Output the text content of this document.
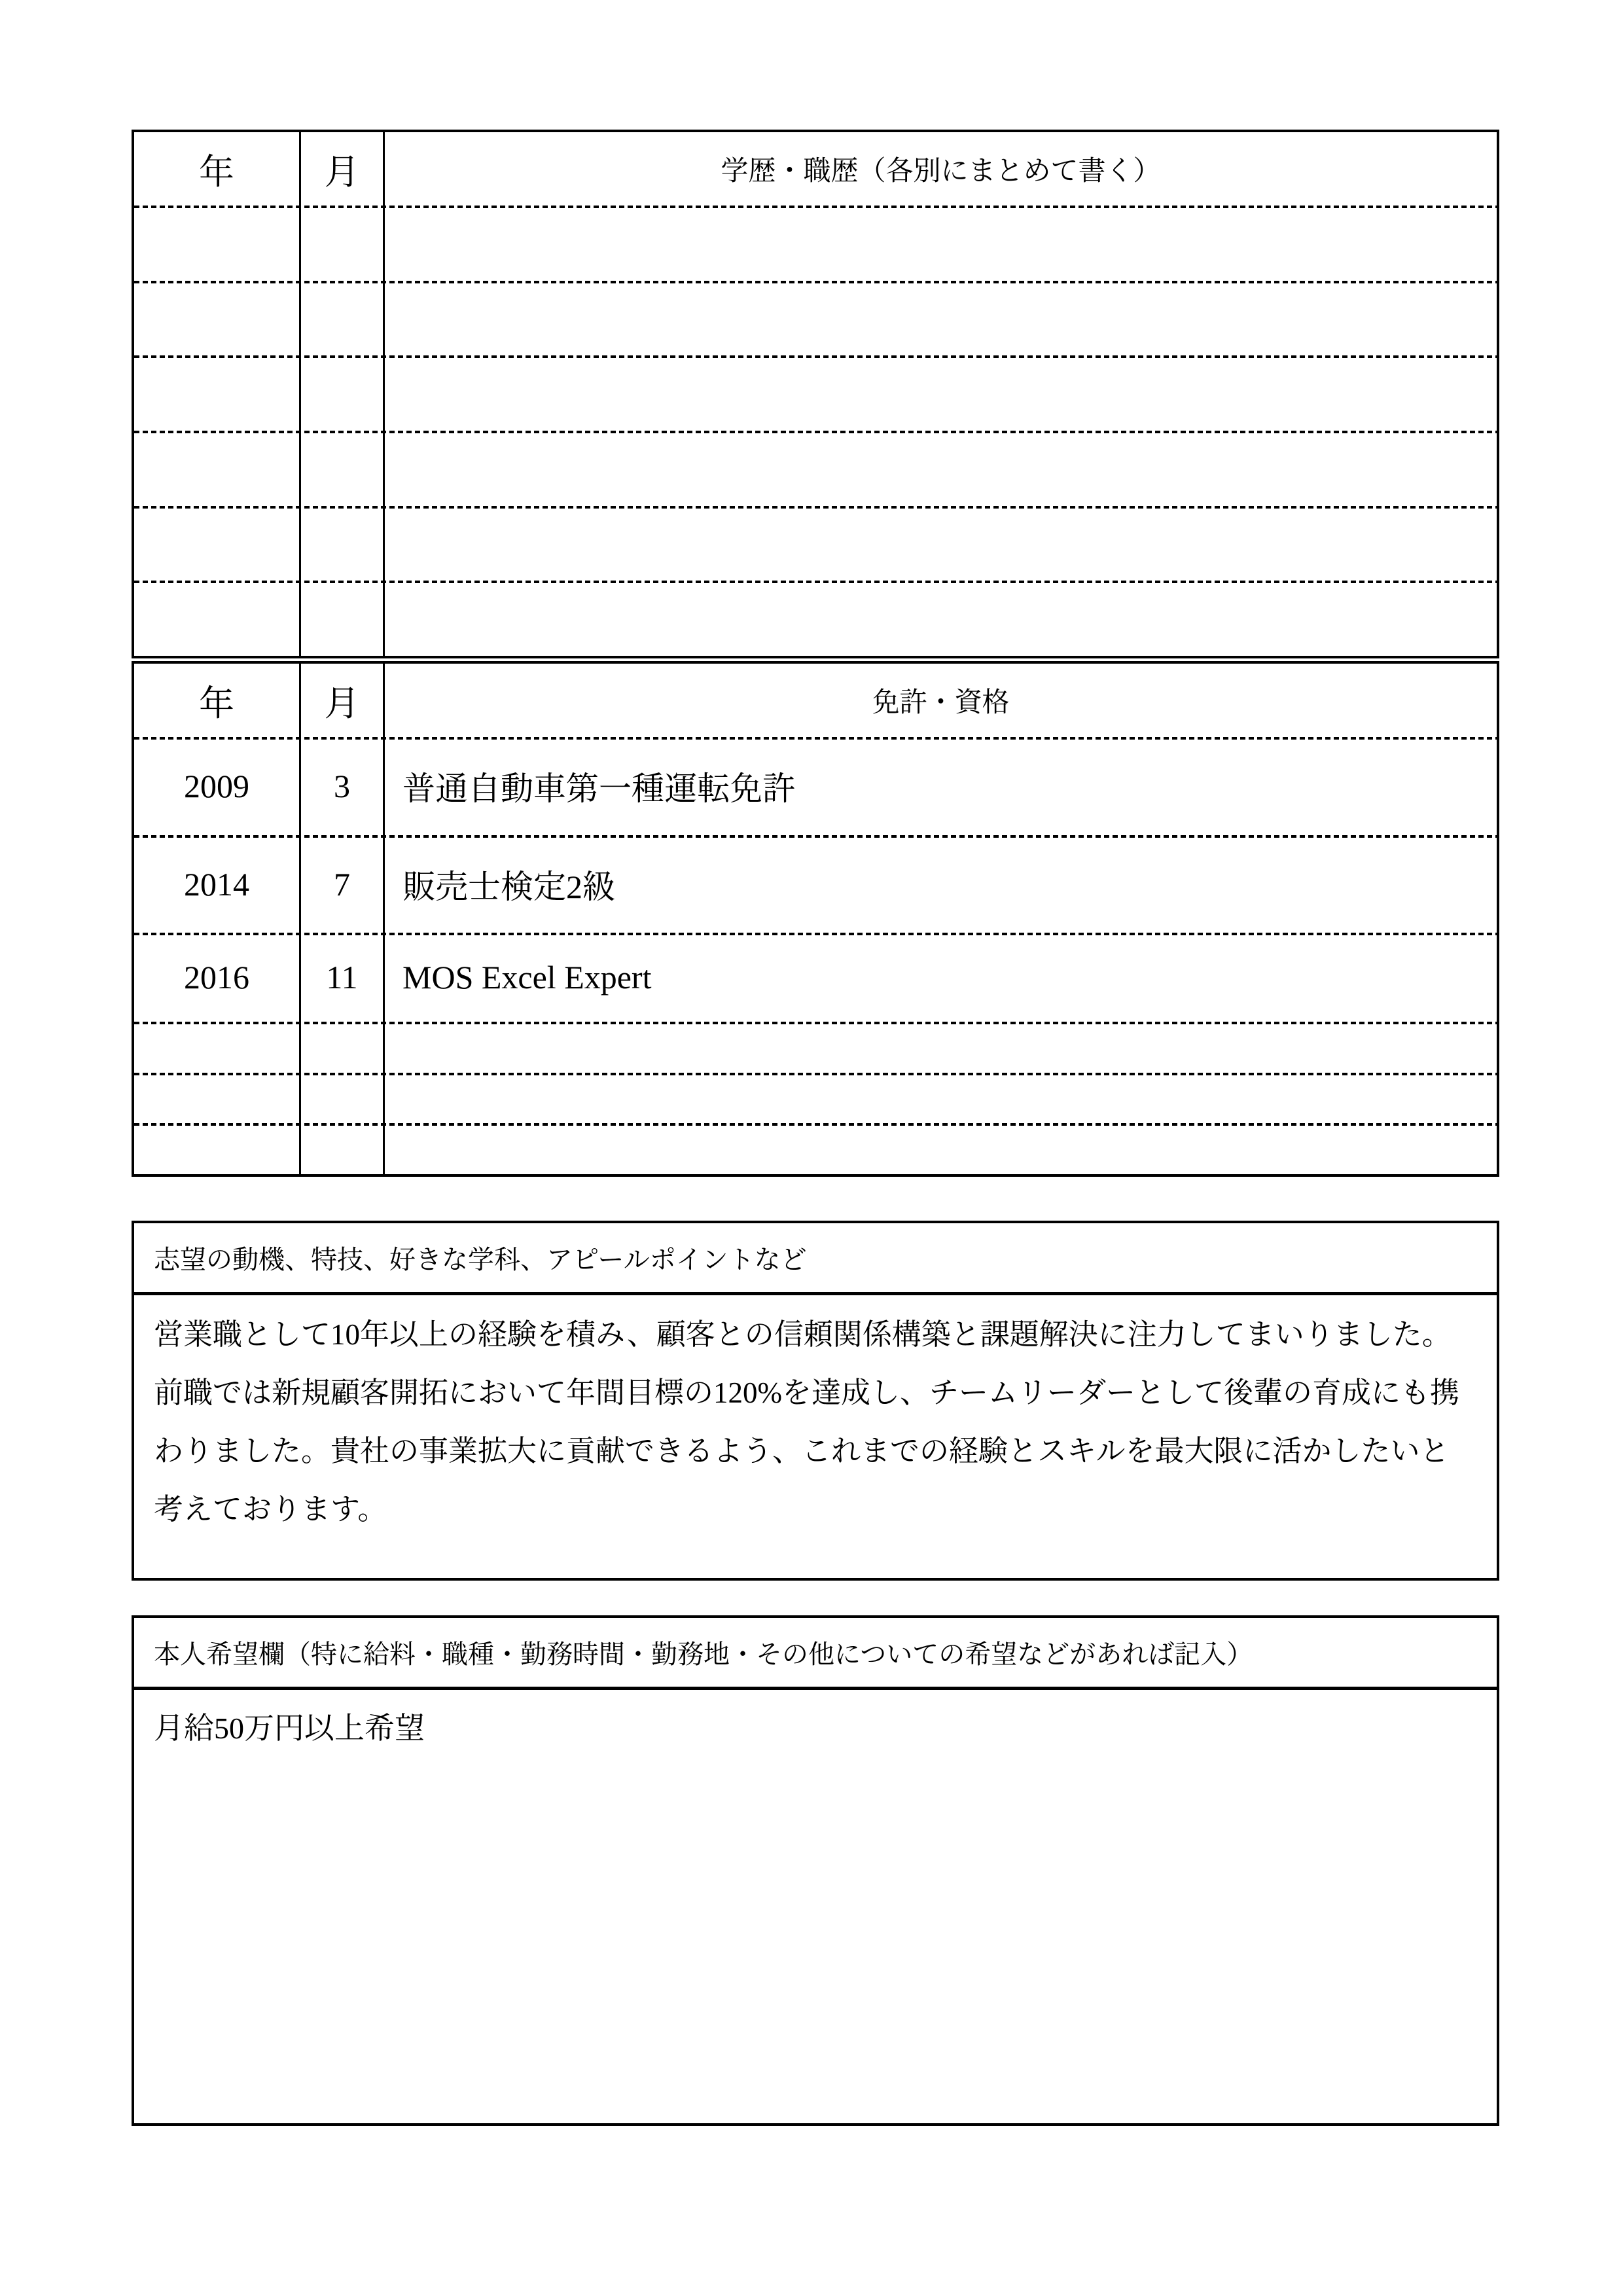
年	月	学歴・職歴（各別にまとめて書く）
年	月	免許・資格
2009	3	普通自動車第一種運転免許
2014	7	販売士検定2級
2016	11	MOS Excel Expert
志望の動機、特技、好きな学科、アピールポイントなど
営業職として10年以上の経験を積み、顧客との信頼関係構築と課題解決に注力してまいりました。前職では新規顧客開拓において年間目標の120%を達成し、チームリーダーとして後輩の育成にも携わりました。貴社の事業拡大に貢献できるよう、これまでの経験とスキルを最大限に活かしたいと考えております。
本人希望欄（特に給料・職種・勤務時間・勤務地・その他についての希望などがあれば記入）
月給50万円以上希望
